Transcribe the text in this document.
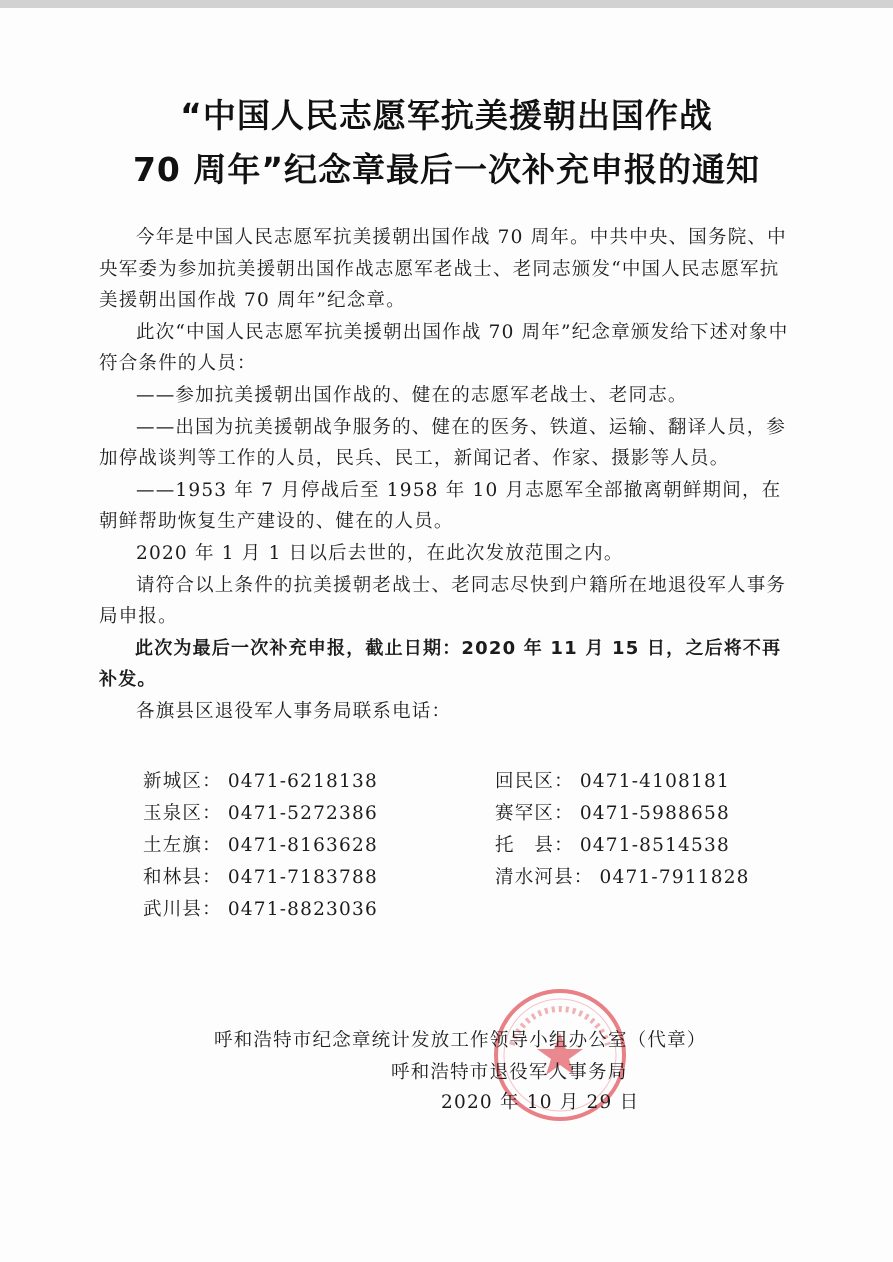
“中国人民志愿军抗美援朝出国作战
70 周年”纪念章最后一次补充申报的通知

今年是中国人民志愿军抗美援朝出国作战 70 周年。中共中央、国务院、中央军委为参加抗美援朝出国作战志愿军老战士、老同志颁发“中国人民志愿军抗美援朝出国作战 70 周年”纪念章。

此次“中国人民志愿军抗美援朝出国作战 70 周年”纪念章颁发给下述对象中符合条件的人员：

——参加抗美援朝出国作战的、健在的志愿军老战士、老同志。

——出国为抗美援朝战争服务的、健在的医务、铁道、运输、翻译人员，参加停战谈判等工作的人员，民兵、民工，新闻记者、作家、摄影等人员。

——1953 年 7 月停战后至 1958 年 10 月志愿军全部撤离朝鲜期间，在朝鲜帮助恢复生产建设的、健在的人员。

2020 年 1 月 1 日以后去世的，在此次发放范围之内。

请符合以上条件的抗美援朝老战士、老同志尽快到户籍所在地退役军人事务局申报。

此次为最后一次补充申报，截止日期：2020 年 11 月 15 日，之后将不再补发。

各旗县区退役军人事务局联系电话：

新城区： 0471-6218138	回民区： 0471-4108181
玉泉区： 0471-5272386	赛罕区： 0471-5988658
土左旗： 0471-8163628	托　县： 0471-8514538
和林县： 0471-7183788	清水河县： 0471-7911828
武川县： 0471-8823036
呼和浩特市纪念章统计发放工作领导小组办公室（代章）
呼和浩特市退役军人事务局
2020 年 10 月 29 日
